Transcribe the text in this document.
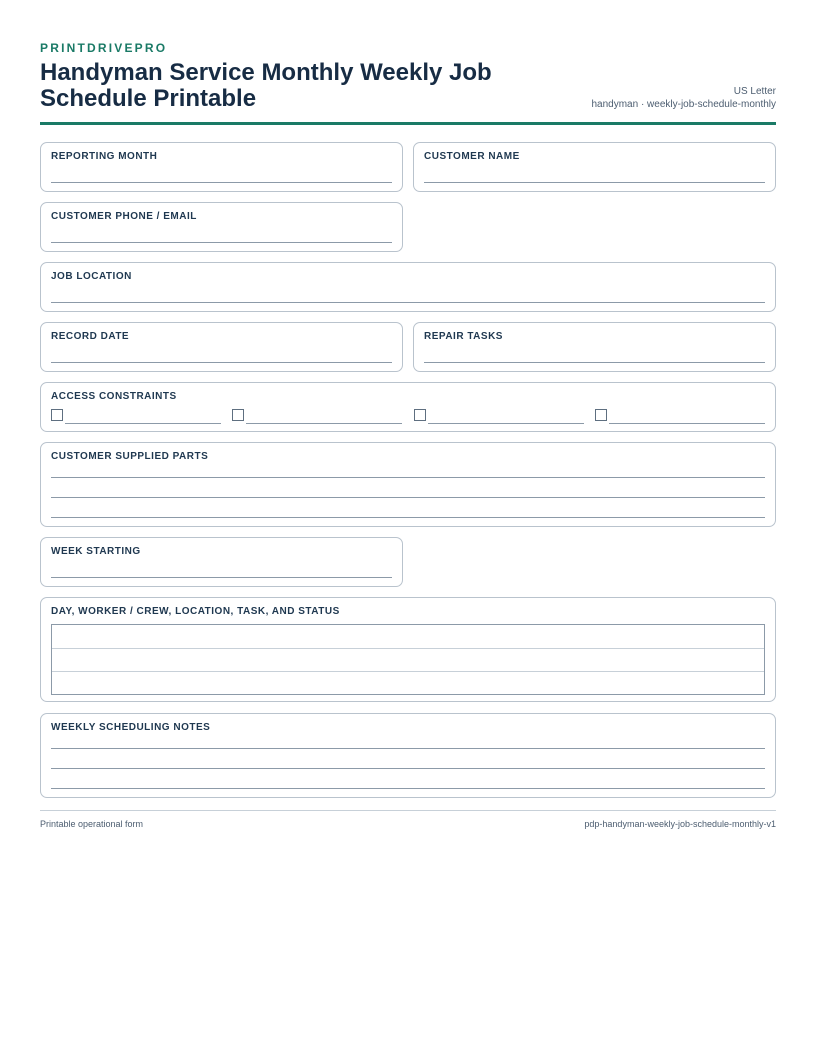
PRINTDRIVEPRO
Handyman Service Monthly Weekly Job Schedule Printable	US Letter
handyman · weekly-job-schedule-monthly
REPORTING MONTH	CUSTOMER NAME
CUSTOMER PHONE / EMAIL
JOB LOCATION
RECORD DATE	REPAIR TASKS
ACCESS CONSTRAINTS
CUSTOMER SUPPLIED PARTS
WEEK STARTING
DAY, WORKER / CREW, LOCATION, TASK, AND STATUS
WEEKLY SCHEDULING NOTES
Printable operational form	pdp-handyman-weekly-job-schedule-monthly-v1
